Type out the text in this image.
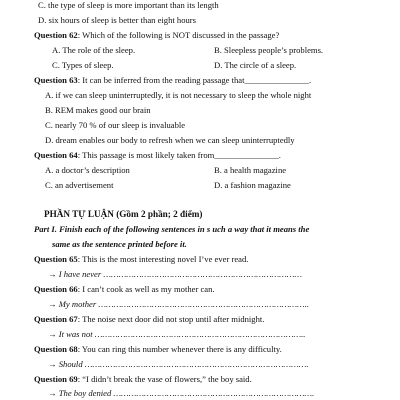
C. the type of sleep is more important than its length
D. six hours of sleep is better than eight hours
Question 62: Which of the following is NOT discussed in the passage?
A. The role of the sleep.	B. Sleepless people’s problems.
C. Types of sleep.	D. The circle of a sleep.
Question 63: It can be inferred from the reading passage that_______________.
A. if we can sleep uninterruptedly, it is not necessary to sleep the whole night
B. REM makes good our brain
C. nearly 70 % of our sleep is invaluable
D. dream enables our body to refresh when we can sleep uninterruptedly
Question 64: This passage is most likely taken from_______________.
A. a doctor’s description	B. a health magazine
C. an advertisement	D. a fashion magazine
PHẦN TỰ LUẬN (Gồm 2 phần; 2 điểm)
Part I. Finish each of the following sentences in s uch a way that it means the
same as the sentence printed before it.
Question 65: This is the most interesting novel I’ve ever read.
→ I have never ……………………………………………………………………
Question 66: I can’t cook as well as my mother can.
→ My mother ………………………………………………………………………..
Question 67: The noise next door did not stop until after midnight.
→ It was not ………………………………………………………………………..
Question 68: You can ring this number whenever there is any difficulty.
→ Should …………………………………………………………………………….
Question 69: “I didn’t break the vase of flowers,” the boy said.
→ The boy denied …………………………………………………………………….
